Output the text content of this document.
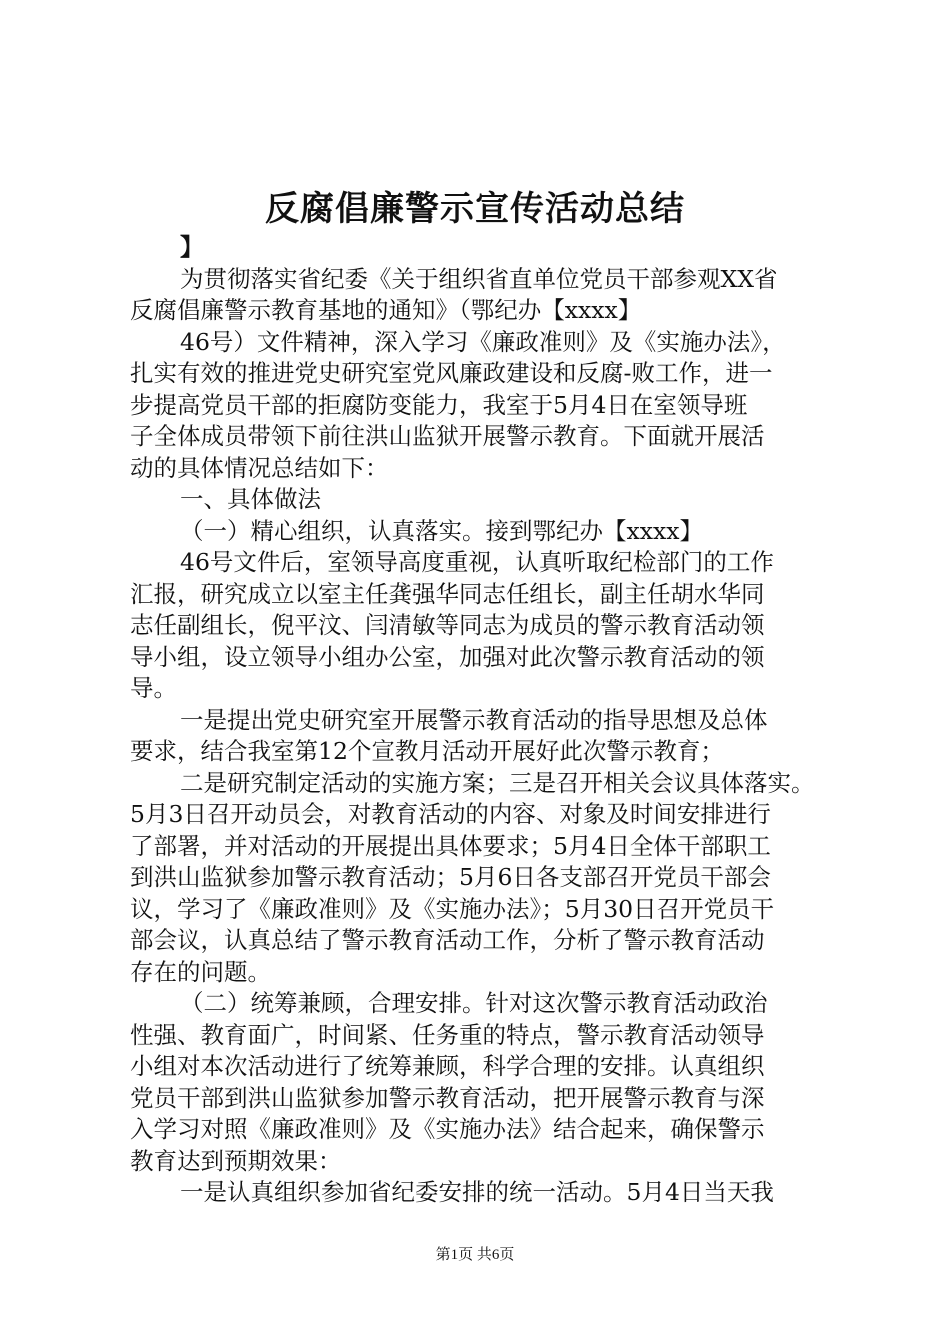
反腐倡廉警示宣传活动总结
】
为贯彻落实省纪委《关于组织省直单位党员干部参观XX省
反腐倡廉警示教育基地的通知》（鄂纪办【xxxx】
46号）文件精神，深入学习《廉政准则》及《实施办法》，
扎实有效的推进党史研究室党风廉政建设和反腐-败工作，进一
步提高党员干部的拒腐防变能力，我室于5月4日在室领导班
子全体成员带领下前往洪山监狱开展警示教育。下面就开展活
动的具体情况总结如下：
一、具体做法
（一）精心组织，认真落实。接到鄂纪办【xxxx】
46号文件后，室领导高度重视，认真听取纪检部门的工作
汇报，研究成立以室主任龚强华同志任组长，副主任胡水华同
志任副组长，倪平汶、闫清敏等同志为成员的警示教育活动领
导小组，设立领导小组办公室，加强对此次警示教育活动的领
导。
一是提出党史研究室开展警示教育活动的指导思想及总体
要求，结合我室第12个宣教月活动开展好此次警示教育；
二是研究制定活动的实施方案；三是召开相关会议具体落实。
5月3日召开动员会，对教育活动的内容、对象及时间安排进行
了部署，并对活动的开展提出具体要求；5月4日全体干部职工
到洪山监狱参加警示教育活动；5月6日各支部召开党员干部会
议，学习了《廉政准则》及《实施办法》；5月30日召开党员干
部会议，认真总结了警示教育活动工作，分析了警示教育活动
存在的问题。
（二）统筹兼顾，合理安排。针对这次警示教育活动政治
性强、教育面广，时间紧、任务重的特点，警示教育活动领导
小组对本次活动进行了统筹兼顾，科学合理的安排。认真组织
党员干部到洪山监狱参加警示教育活动，把开展警示教育与深
入学习对照《廉政准则》及《实施办法》结合起来，确保警示
教育达到预期效果：
一是认真组织参加省纪委安排的统一活动。5月4日当天我
第1页 共6页
